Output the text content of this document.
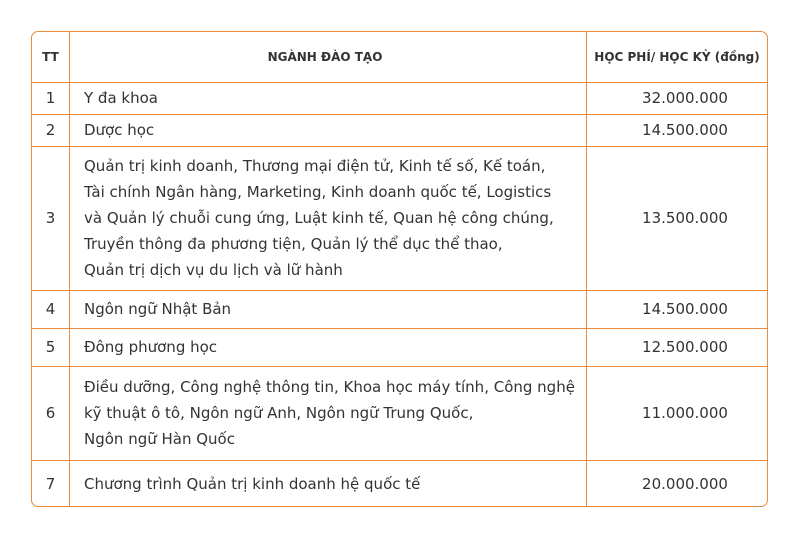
TT	NGÀNH ĐÀO TẠO	HỌC PHÍ/ HỌC KỲ (đồng)
1	Y đa khoa	32.000.000
2	Dược học	14.500.000
3	Quản trị kinh doanh, Thương mại điện tử, Kinh tế số, Kế toán,
Tài chính Ngân hàng, Marketing, Kinh doanh quốc tế, Logistics
và Quản lý chuỗi cung ứng, Luật kinh tế, Quan hệ công chúng,
Truyền thông đa phương tiện, Quản lý thể dục thể thao,
Quản trị dịch vụ du lịch và lữ hành	13.500.000
4	Ngôn ngữ Nhật Bản	14.500.000
5	Đông phương học	12.500.000
6	Điều dưỡng, Công nghệ thông tin, Khoa học máy tính, Công nghệ
kỹ thuật ô tô, Ngôn ngữ Anh, Ngôn ngữ Trung Quốc,
Ngôn ngữ Hàn Quốc	11.000.000
7	Chương trình Quản trị kinh doanh hệ quốc tế	20.000.000
